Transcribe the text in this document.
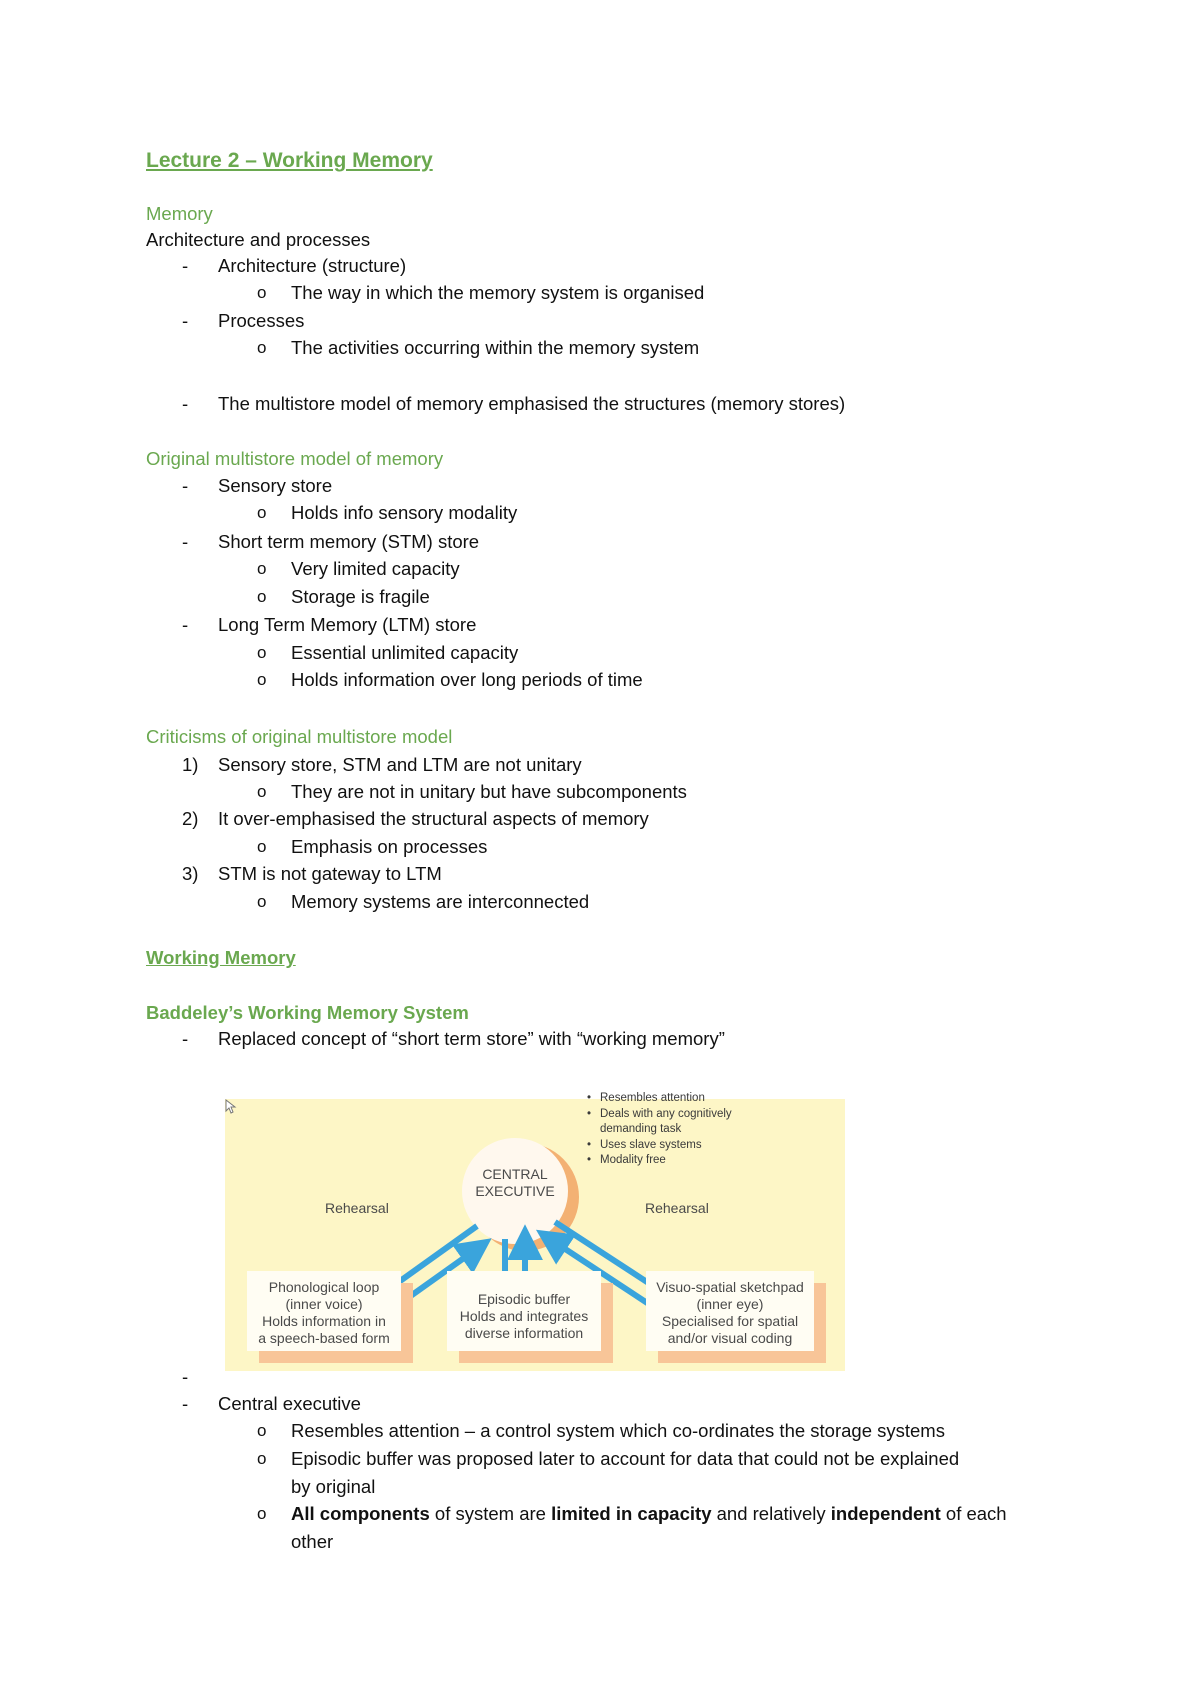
Lecture 2 – Working Memory
Memory
Architecture and processes
- Architecture (structure)
o The way in which the memory system is organised
- Processes
o The activities occurring within the memory system
- The multistore model of memory emphasised the structures (memory stores)
Original multistore model of memory
- Sensory store
o Holds info sensory modality
- Short term memory (STM) store
o Very limited capacity
o Storage is fragile
- Long Term Memory (LTM) store
o Essential unlimited capacity
o Holds information over long periods of time
Criticisms of original multistore model
1) Sensory store, STM and LTM are not unitary
o They are not in unitary but have subcomponents
2) It over-emphasised the structural aspects of memory
o Emphasis on processes
3) STM is not gateway to LTM
o Memory systems are interconnected
Working Memory
Baddeley’s Working Memory System
- Replaced concept of “short term store” with “working memory”
CENTRAL
EXECUTIVE
• Resembles attention
• Deals with any cognitively
demanding task
• Uses slave systems
• Modality free
Rehearsal	Rehearsal
Phonological loop
(inner voice)
Holds information in
a speech-based form
Episodic buffer
Holds and integrates
diverse information
Visuo-spatial sketchpad
(inner eye)
Specialised for spatial
and/or visual coding
-
- Central executive
o Resembles attention – a control system which co-ordinates the storage systems
o Episodic buffer was proposed later to account for data that could not be explained
by original
o All components of system are limited in capacity and relatively independent of each
other
